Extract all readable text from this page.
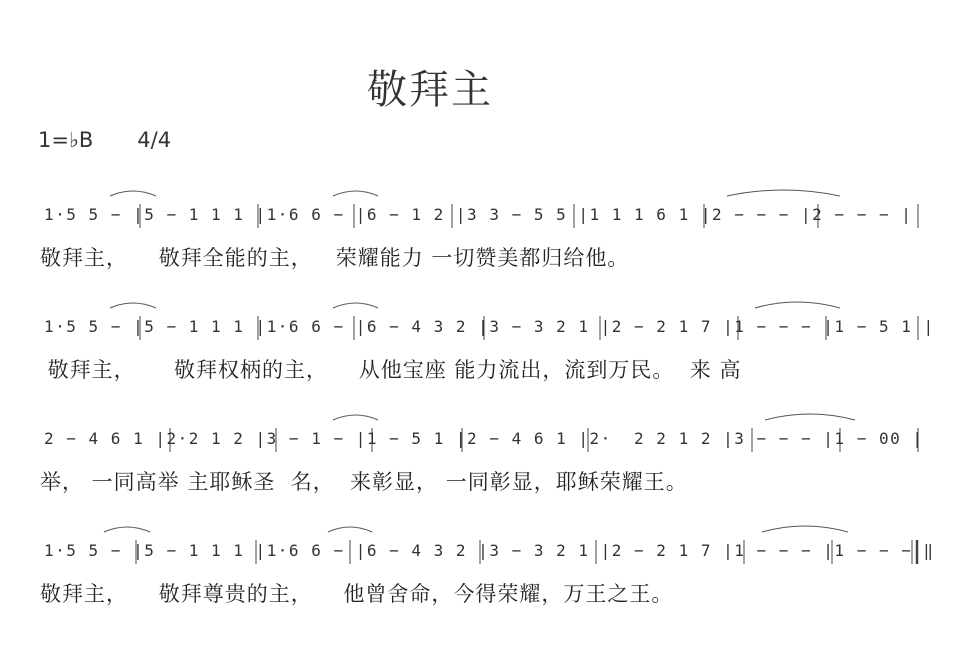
敬拜主
1=♭B 4/4
1·5 5 − |5 − 1 1 1 |1·6 6 − |6 − 1 2 |3 3 − 5 5 |1 1 1 6 1 |2 − − − |2 − − − |
敬拜主，    敬拜全能的主，   荣耀能力 一切赞美都归给他。
1·5 5 − |5 − 1 1 1 |1·6 6 − |6 − 4 3 2 |3 − 3 2 1 |2 − 2 1 7 |1 − − − |1 − 5 1 |
敬拜主，     敬拜权柄的主，    从他宝座 能力流出，流到万民。  来 高
2 − 4 6 1 |2·2 1 2 |3 − 1 − |1 − 5 1 |2 − 4 6 1 |2·  2 2 1 2 |3 − − − |1 − 00 |
举， 一同高举 主耶稣圣  名，  来彰显， 一同彰显，耶稣荣耀王。
1·5 5 − |5 − 1 1 1 |1·6 6 − |6 − 4 3 2 |3 − 3 2 1 |2 − 2 1 7 |1 − − − |1 − − − ‖
敬拜主，    敬拜尊贵的主，    他曾舍命，今得荣耀，万王之王。
